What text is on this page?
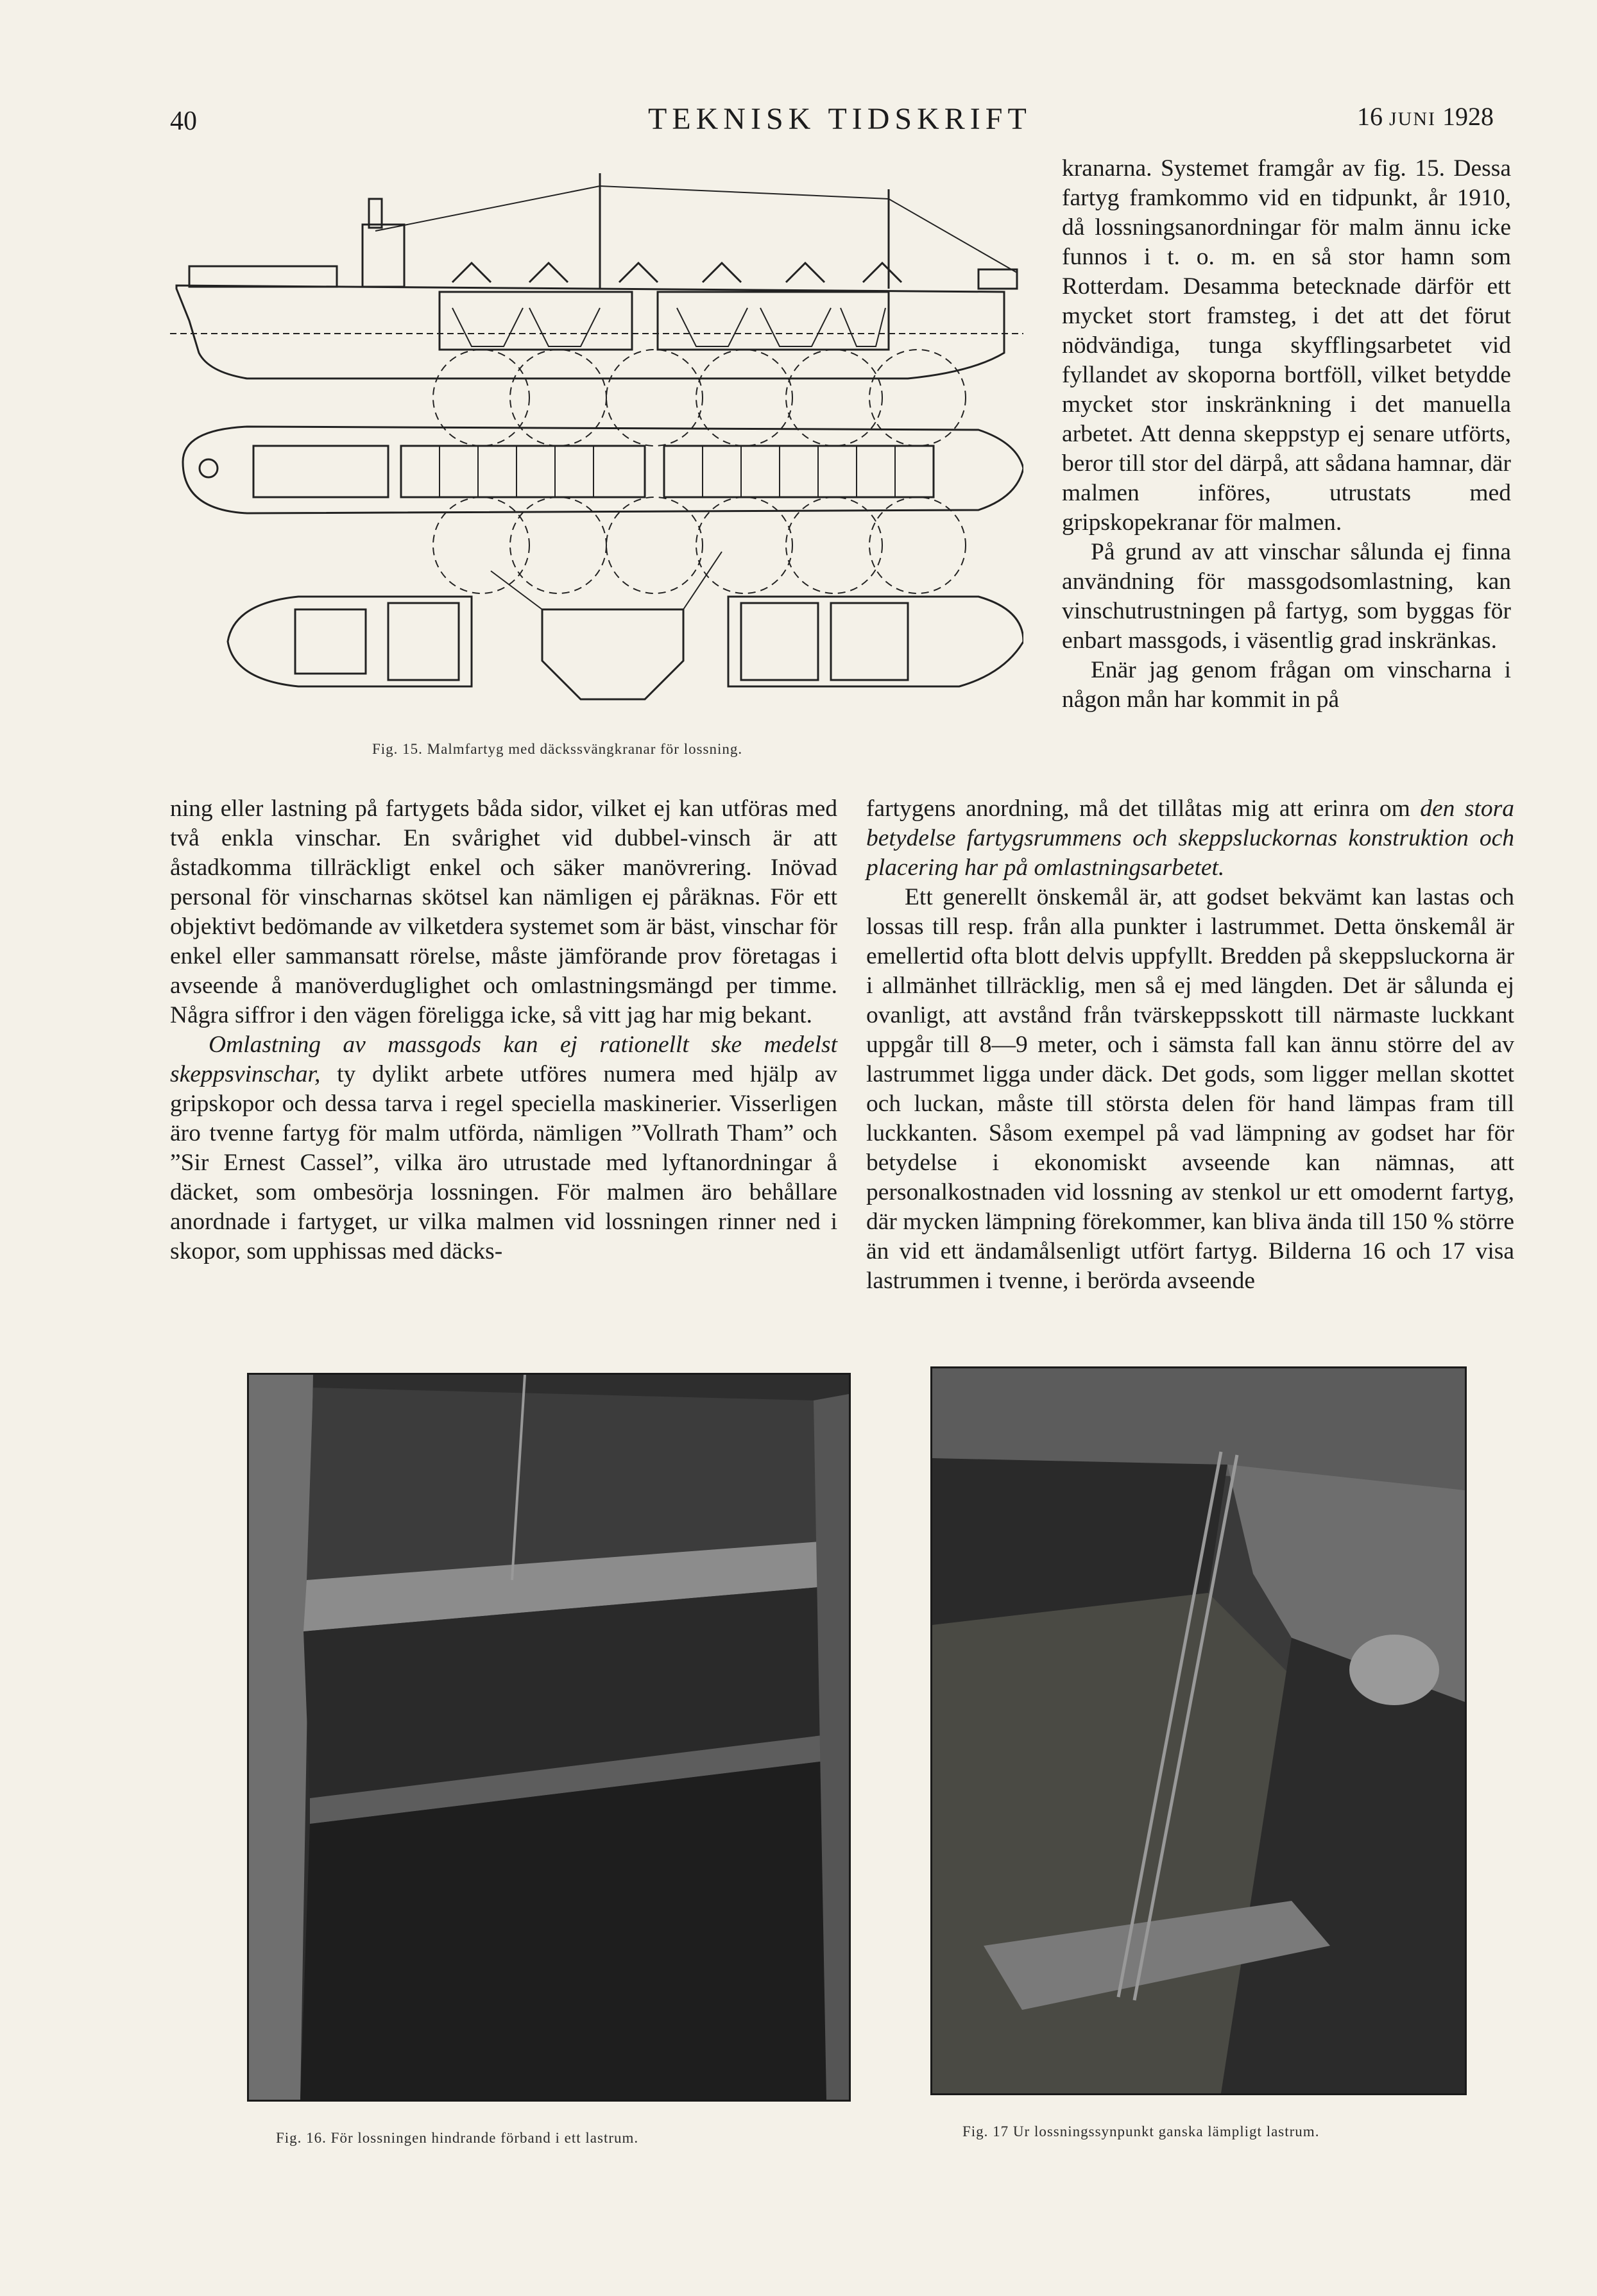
40	TEKNISK TIDSKRIFT	16 JUNI 1928
Fig. 15. Malmfartyg med däckssvängkranar för lossning.

kranarna. Systemet framgår av fig. 15. Dessa fartyg framkommo vid en tidpunkt, år 1910, då lossningsanordningar för malm ännu icke funnos i t. o. m. en så stor hamn som Rotterdam. Desamma betecknade därför ett mycket stort framsteg, i det att det förut nödvändiga, tunga skyfflingsarbetet vid fyllandet av skoporna bortföll, vilket betydde mycket stor inskränkning i det manuella arbetet. Att denna skeppstyp ej senare utförts, beror till stor del därpå, att sådana hamnar, där malmen införes, utrustats med gripskopekranar för malmen.

På grund av att vinschar sålunda ej finna användning för massgodsomlastning, kan vinschutrustningen på fartyg, som byggas för enbart massgods, i väsentlig grad inskränkas.

Enär jag genom frågan om vinscharna i någon mån har kommit in på

ning eller lastning på fartygets båda sidor, vilket ej kan utföras med två enkla vinschar. En svårighet vid dubbel-vinsch är att åstadkomma tillräckligt enkel och säker manövrering. Inövad personal för vinscharnas skötsel kan nämligen ej påräknas. För ett objektivt bedömande av vilketdera systemet som är bäst, vinschar för enkel eller sammansatt rörelse, måste jämförande prov företagas i avseende å manöverduglighet och omlastningsmängd per timme. Några siffror i den vägen föreligga icke, så vitt jag har mig bekant.

Omlastning av massgods kan ej rationellt ske medelst skeppsvinschar, ty dylikt arbete utföres numera med hjälp av gripskopor och dessa tarva i regel speciella maskinerier. Visserligen äro tvenne fartyg för malm utförda, nämligen ”Vollrath Tham” och ”Sir Ernest Cassel”, vilka äro utrustade med lyftanordningar å däcket, som ombesörja lossningen. För malmen äro behållare anordnade i fartyget, ur vilka malmen vid lossningen rinner ned i skopor, som upphissas med däcks-

fartygens anordning, må det tillåtas mig att erinra om den stora betydelse fartygsrummens och skeppsluckornas konstruktion och placering har på omlastningsarbetet.

Ett generellt önskemål är, att godset bekvämt kan lastas och lossas till resp. från alla punkter i lastrummet. Detta önskemål är emellertid ofta blott delvis uppfyllt. Bredden på skeppsluckorna är i allmänhet tillräcklig, men så ej med längden. Det är sålunda ej ovanligt, att avstånd från tvärskeppsskott till närmaste luckkant uppgår till 8—9 meter, och i sämsta fall kan ännu större del av lastrummet ligga under däck. Det gods, som ligger mellan skottet och luckan, måste till största delen för hand lämpas fram till luckkanten. Såsom exempel på vad lämpning av godset har för betydelse i ekonomiskt avseende kan nämnas, att personalkostnaden vid lossning av stenkol ur ett omodernt fartyg, där mycken lämpning förekommer, kan bliva ända till 150 % större än vid ett ändamålsenligt utfört fartyg. Bilderna 16 och 17 visa lastrummen i tvenne, i berörda avseende

Fig. 16. För lossningen hindrande förband i ett lastrum.	Fig. 17 Ur lossningssynpunkt ganska lämpligt lastrum.
